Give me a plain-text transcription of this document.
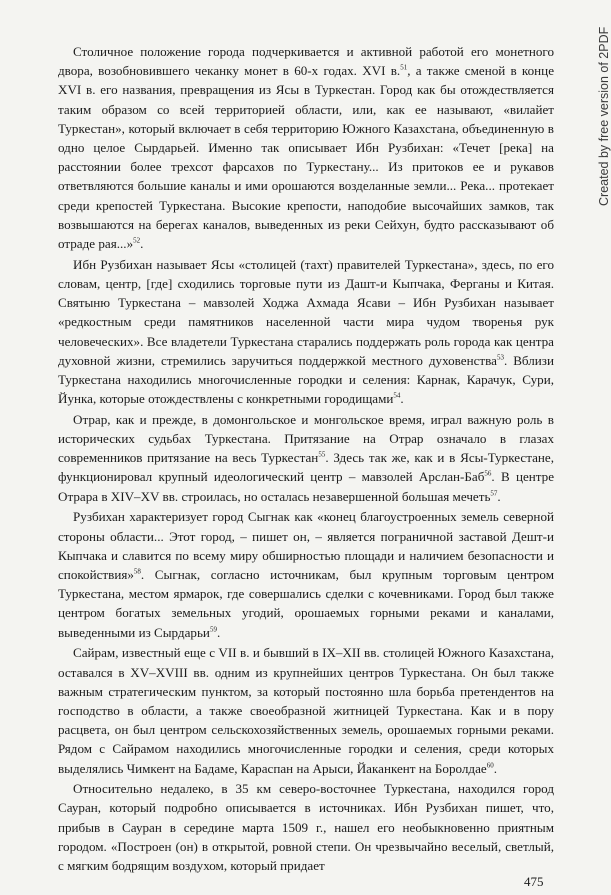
Столичное положение города подчеркивается и активной работой его монетного двора, возобновившего чеканку монет в 60-х годах. XVI в.$^{51}$, а также сменой в конце XVI в. его названия, превращения из Ясы в Туркестан. Город как бы отождествляется таким образом со всей территорией области, или, как ее называют, «вилайет Туркестан», который включает в себя территорию Южного Казахстана, объединенную в одно целое Сырдарьей. Именно так описывает Ибн Рузбихан: «Течет [река] на расстоянии более трехсот фарсахов по Туркестану... Из притоков ее и рукавов ответвляются большие каналы и ими орошаются возделанные земли... Река... протекает среди крепостей Туркестана. Высокие крепости, наподобие высочайших замков, так возвышаются на берегах каналов, выведенных из реки Сейхун, будто рассказывают об отраде рая...»$^{52}$.

Ибн Рузбихан называет Ясы «столицей (тахт) правителей Туркестана», здесь, по его словам, центр, [где] сходились торговые пути из Дашт-и Кыпчака, Ферганы и Китая. Святыню Туркестана – мавзолей Ходжа Ахмада Ясави – Ибн Рузбихан называет «редкостным среди памятников населенной части мира чудом творенья рук человеческих». Все владетели Туркестана старались поддержать роль города как центра духовной жизни, стремились заручиться поддержкой местного духовенства$^{53}$. Вблизи Туркестана находились многочисленные городки и селения: Карнак, Карачук, Сури, Йунка, которые отождествлены с конкретными городищами$^{54}$.

Отрар, как и прежде, в домонгольское и монгольское время, играл важную роль в исторических судьбах Туркестана. Притязание на Отрар означало в глазах современников притязание на весь Туркестан$^{55}$. Здесь так же, как и в Ясы-Туркестане, функционировал крупный идеологический центр – мавзолей Арслан-Баб$^{56}$. В центре Отрара в XIV–XV вв. строилась, но осталась незавершенной большая мечеть$^{57}$.

Рузбихан характеризует город Сыгнак как «конец благоустроенных земель северной стороны области... Этот город, – пишет он, – является пограничной заставой Дешт-и Кыпчака и славится по всему миру обширностью площади и наличием безопасности и спокойствия»$^{58}$. Сыгнак, согласно источникам, был крупным торговым центром Туркестана, местом ярмарок, где совершались сделки с кочевниками. Город был также центром богатых земельных угодий, орошаемых горными реками и каналами, выведенными из Сырдарьи$^{59}$.

Сайрам, известный еще с VII в. и бывший в IX–XII вв. столицей Южного Казахстана, оставался в XV–XVIII вв. одним из крупнейших центров Туркестана. Он был также важным стратегическим пунктом, за который постоянно шла борьба претендентов на господство в области, а также своеобразной житницей Туркестана. Как и в пору расцвета, он был центром сельскохозяйственных земель, орошаемых горными реками. Рядом с Сайрамом находились многочисленные городки и селения, среди которых выделялись Чимкент на Бадаме, Караспан на Арыси, Йаканкент на Боролдае$^{60}$.

Относительно недалеко, в 35 км северо-восточнее Туркестана, находился город Сауран, который подробно описывается в источниках. Ибн Рузбихан пишет, что, прибыв в Сауран в середине марта 1509 г., нашел его необыкновенно приятным городом. «Построен (он) в открытой, ровной степи. Он чрезвычайно веселый, светлый, с мягким бодрящим воздухом, который придает

Created by free version of 2PDF
475
